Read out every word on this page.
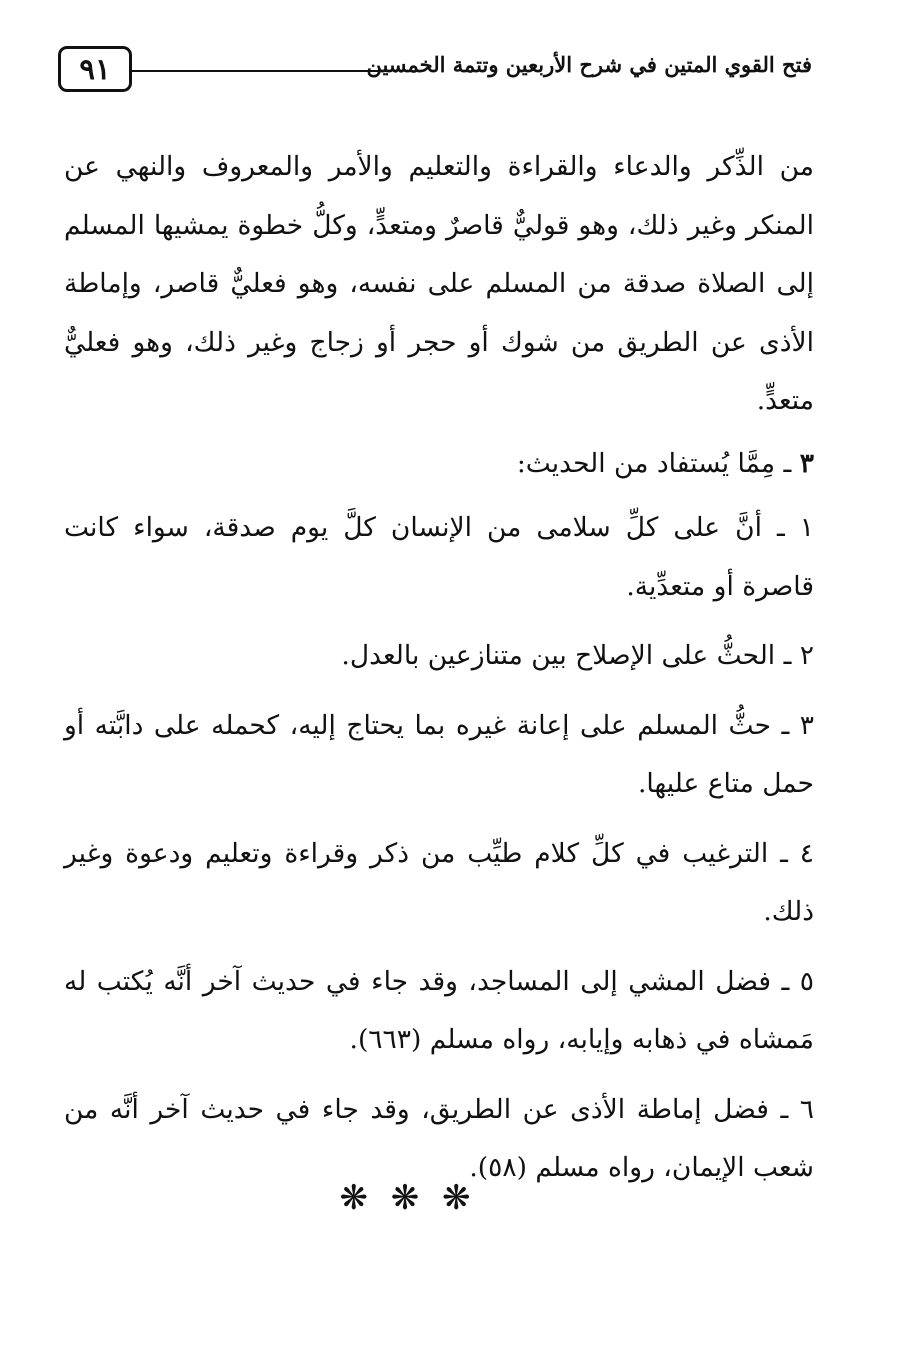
٩١	فتح القوي المتين في شرح الأربعين وتتمة الخمسين

من الذِّكر والدعاء والقراءة والتعليم والأمر والمعروف والنهي عن المنكر وغير ذلك، وهو قوليٌّ قاصرٌ ومتعدٍّ، وكلُّ خطوة يمشيها المسلم إلى الصلاة صدقة من المسلم على نفسه، وهو فعليٌّ قاصر، وإماطة الأذى عن الطريق من شوك أو حجر أو زجاج وغير ذلك، وهو فعليٌّ متعدٍّ.

٣ ـ مِمَّا يُستفاد من الحديث:

١ ـ أنَّ على كلِّ سلامى من الإنسان كلَّ يوم صدقة، سواء كانت قاصرة أو متعدِّية.

٢ ـ الحثُّ على الإصلاح بين متنازعين بالعدل.

٣ ـ حثُّ المسلم على إعانة غيره بما يحتاج إليه، كحمله على دابَّته أو حمل متاع عليها.

٤ ـ الترغيب في كلِّ كلام طيِّب من ذكر وقراءة وتعليم ودعوة وغير ذلك.

٥ ـ فضل المشي إلى المساجد، وقد جاء في حديث آخر أنَّه يُكتب له مَمشاه في ذهابه وإيابه، رواه مسلم (٦٦٣).

٦ ـ فضل إماطة الأذى عن الطريق، وقد جاء في حديث آخر أنَّه من شعب الإيمان، رواه مسلم (٥٨).

❋ ❋ ❋
